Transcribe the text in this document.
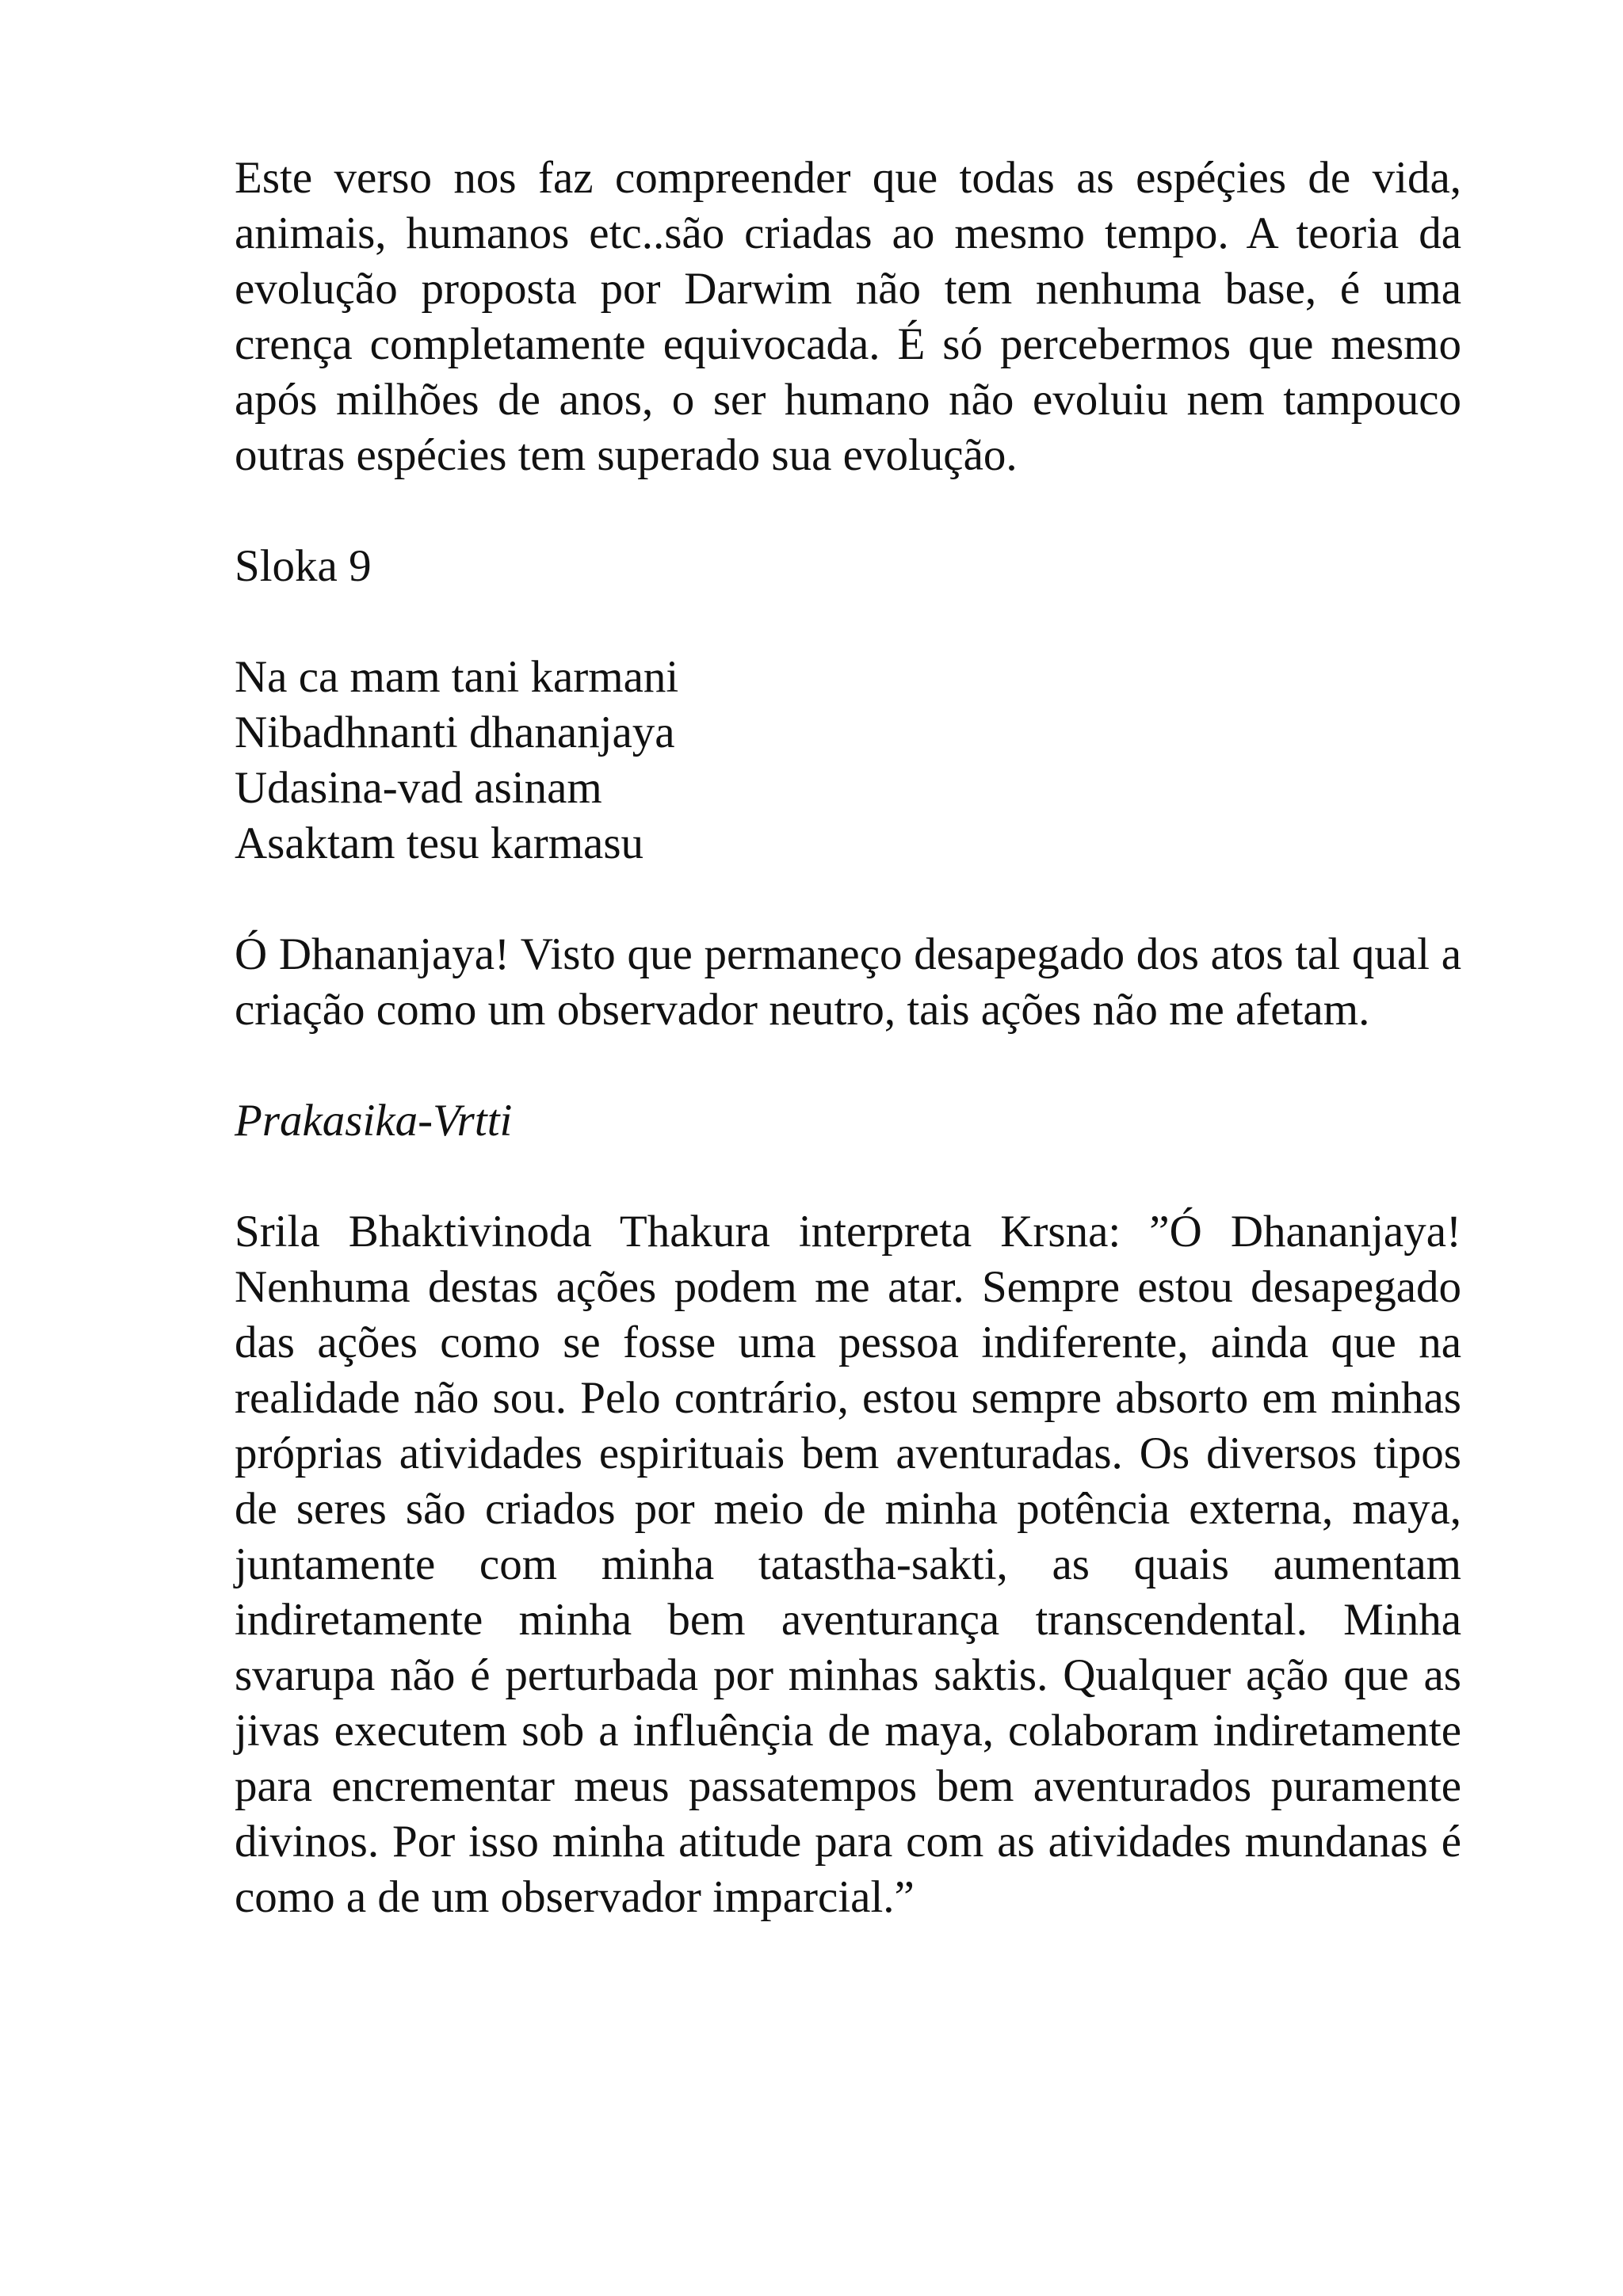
Este verso nos faz compreender que todas as espéçies de vida, animais, humanos etc..são criadas ao mesmo tempo. A teoria da evolução proposta por Darwim não tem nenhuma base, é uma crença completamente equivocada. É só percebermos que mesmo após milhões de anos, o ser humano não evoluiu nem tampouco outras espécies tem superado sua evolução.

Sloka 9

Na ca mam tani karmani
Nibadhnanti dhananjaya
Udasina-vad asinam
Asaktam tesu karmasu

Ó Dhananjaya! Visto que permaneço desapegado dos atos tal qual a criação como um observador neutro, tais ações não me afetam.

Prakasika-Vrtti

Srila Bhaktivinoda Thakura interpreta Krsna: ”Ó Dhananjaya! Nenhuma destas ações podem me atar. Sempre estou desapegado das ações como se fosse uma pessoa indiferente, ainda que na realidade não sou. Pelo contrário, estou sempre absorto em minhas próprias atividades espirituais bem aventuradas. Os diversos tipos de seres são criados por meio de minha potência externa, maya, juntamente com minha tatastha-sakti, as quais aumentam indiretamente minha bem aventurança transcendental. Minha svarupa não é perturbada por minhas saktis. Qualquer ação que as jivas executem sob a influênçia de maya, colaboram indiretamente para encrementar meus passatempos bem aventurados puramente divinos. Por isso minha atitude para com as atividades mundanas é como a de um observador imparcial.”
